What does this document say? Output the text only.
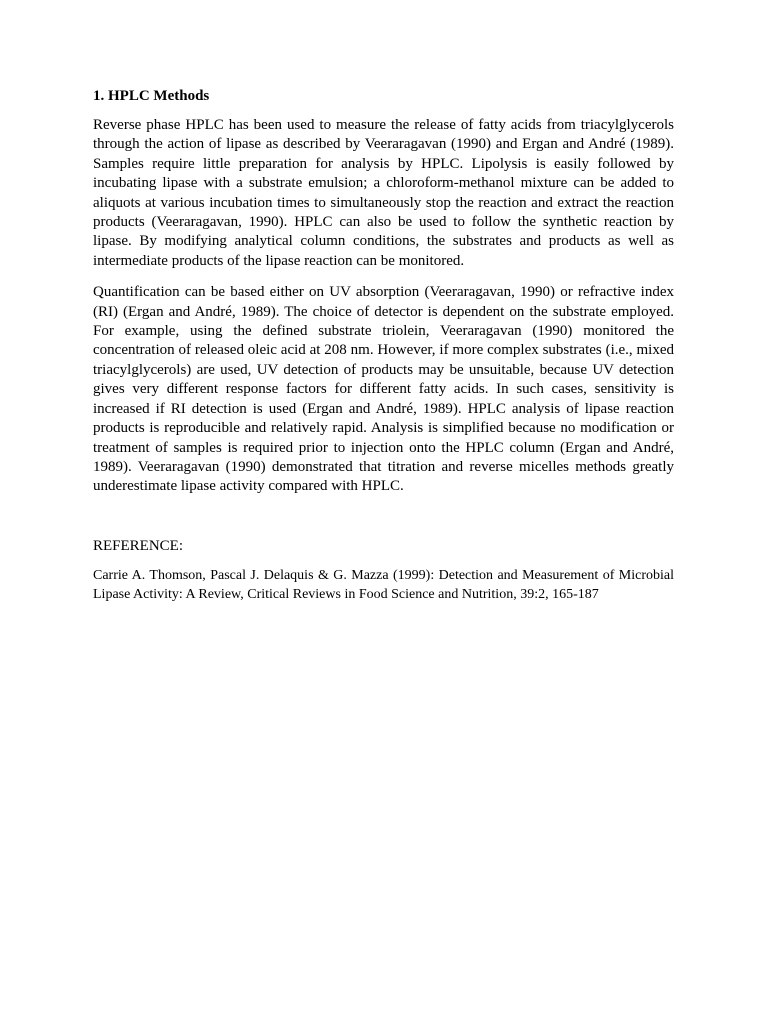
1. HPLC Methods

Reverse phase HPLC has been used to measure the release of fatty acids from triacylglycerols through the action of lipase as described by Veeraragavan (1990) and Ergan and André (1989). Samples require little preparation for analysis by HPLC. Lipolysis is easily followed by incubating lipase with a substrate emulsion; a chloroform-methanol mixture can be added to aliquots at various incubation times to simultaneously stop the reaction and extract the reaction products (Veeraragavan, 1990). HPLC can also be used to follow the synthetic reaction by lipase. By modifying analytical column conditions, the substrates and products as well as intermediate products of the lipase reaction can be monitored.

Quantification can be based either on UV absorption (Veeraragavan, 1990) or refractive index (RI) (Ergan and André, 1989). The choice of detector is dependent on the substrate employed. For example, using the defined substrate triolein, Veeraragavan (1990) monitored the concentration of released oleic acid at 208 nm. However, if more complex substrates (i.e., mixed triacylglycerols) are used, UV detection of products may be unsuitable, because UV detection gives very different response factors for different fatty acids. In such cases, sensitivity is increased if RI detection is used (Ergan and André, 1989). HPLC analysis of lipase reaction products is reproducible and relatively rapid. Analysis is simplified because no modification or treatment of samples is required prior to injection onto the HPLC column (Ergan and André, 1989). Veeraragavan (1990) demonstrated that titration and reverse micelles methods greatly underestimate lipase activity compared with HPLC.

REFERENCE:

Carrie A. Thomson, Pascal J. Delaquis & G. Mazza (1999): Detection and Measurement of Microbial Lipase Activity: A Review, Critical Reviews in Food Science and Nutrition, 39:2, 165-187
